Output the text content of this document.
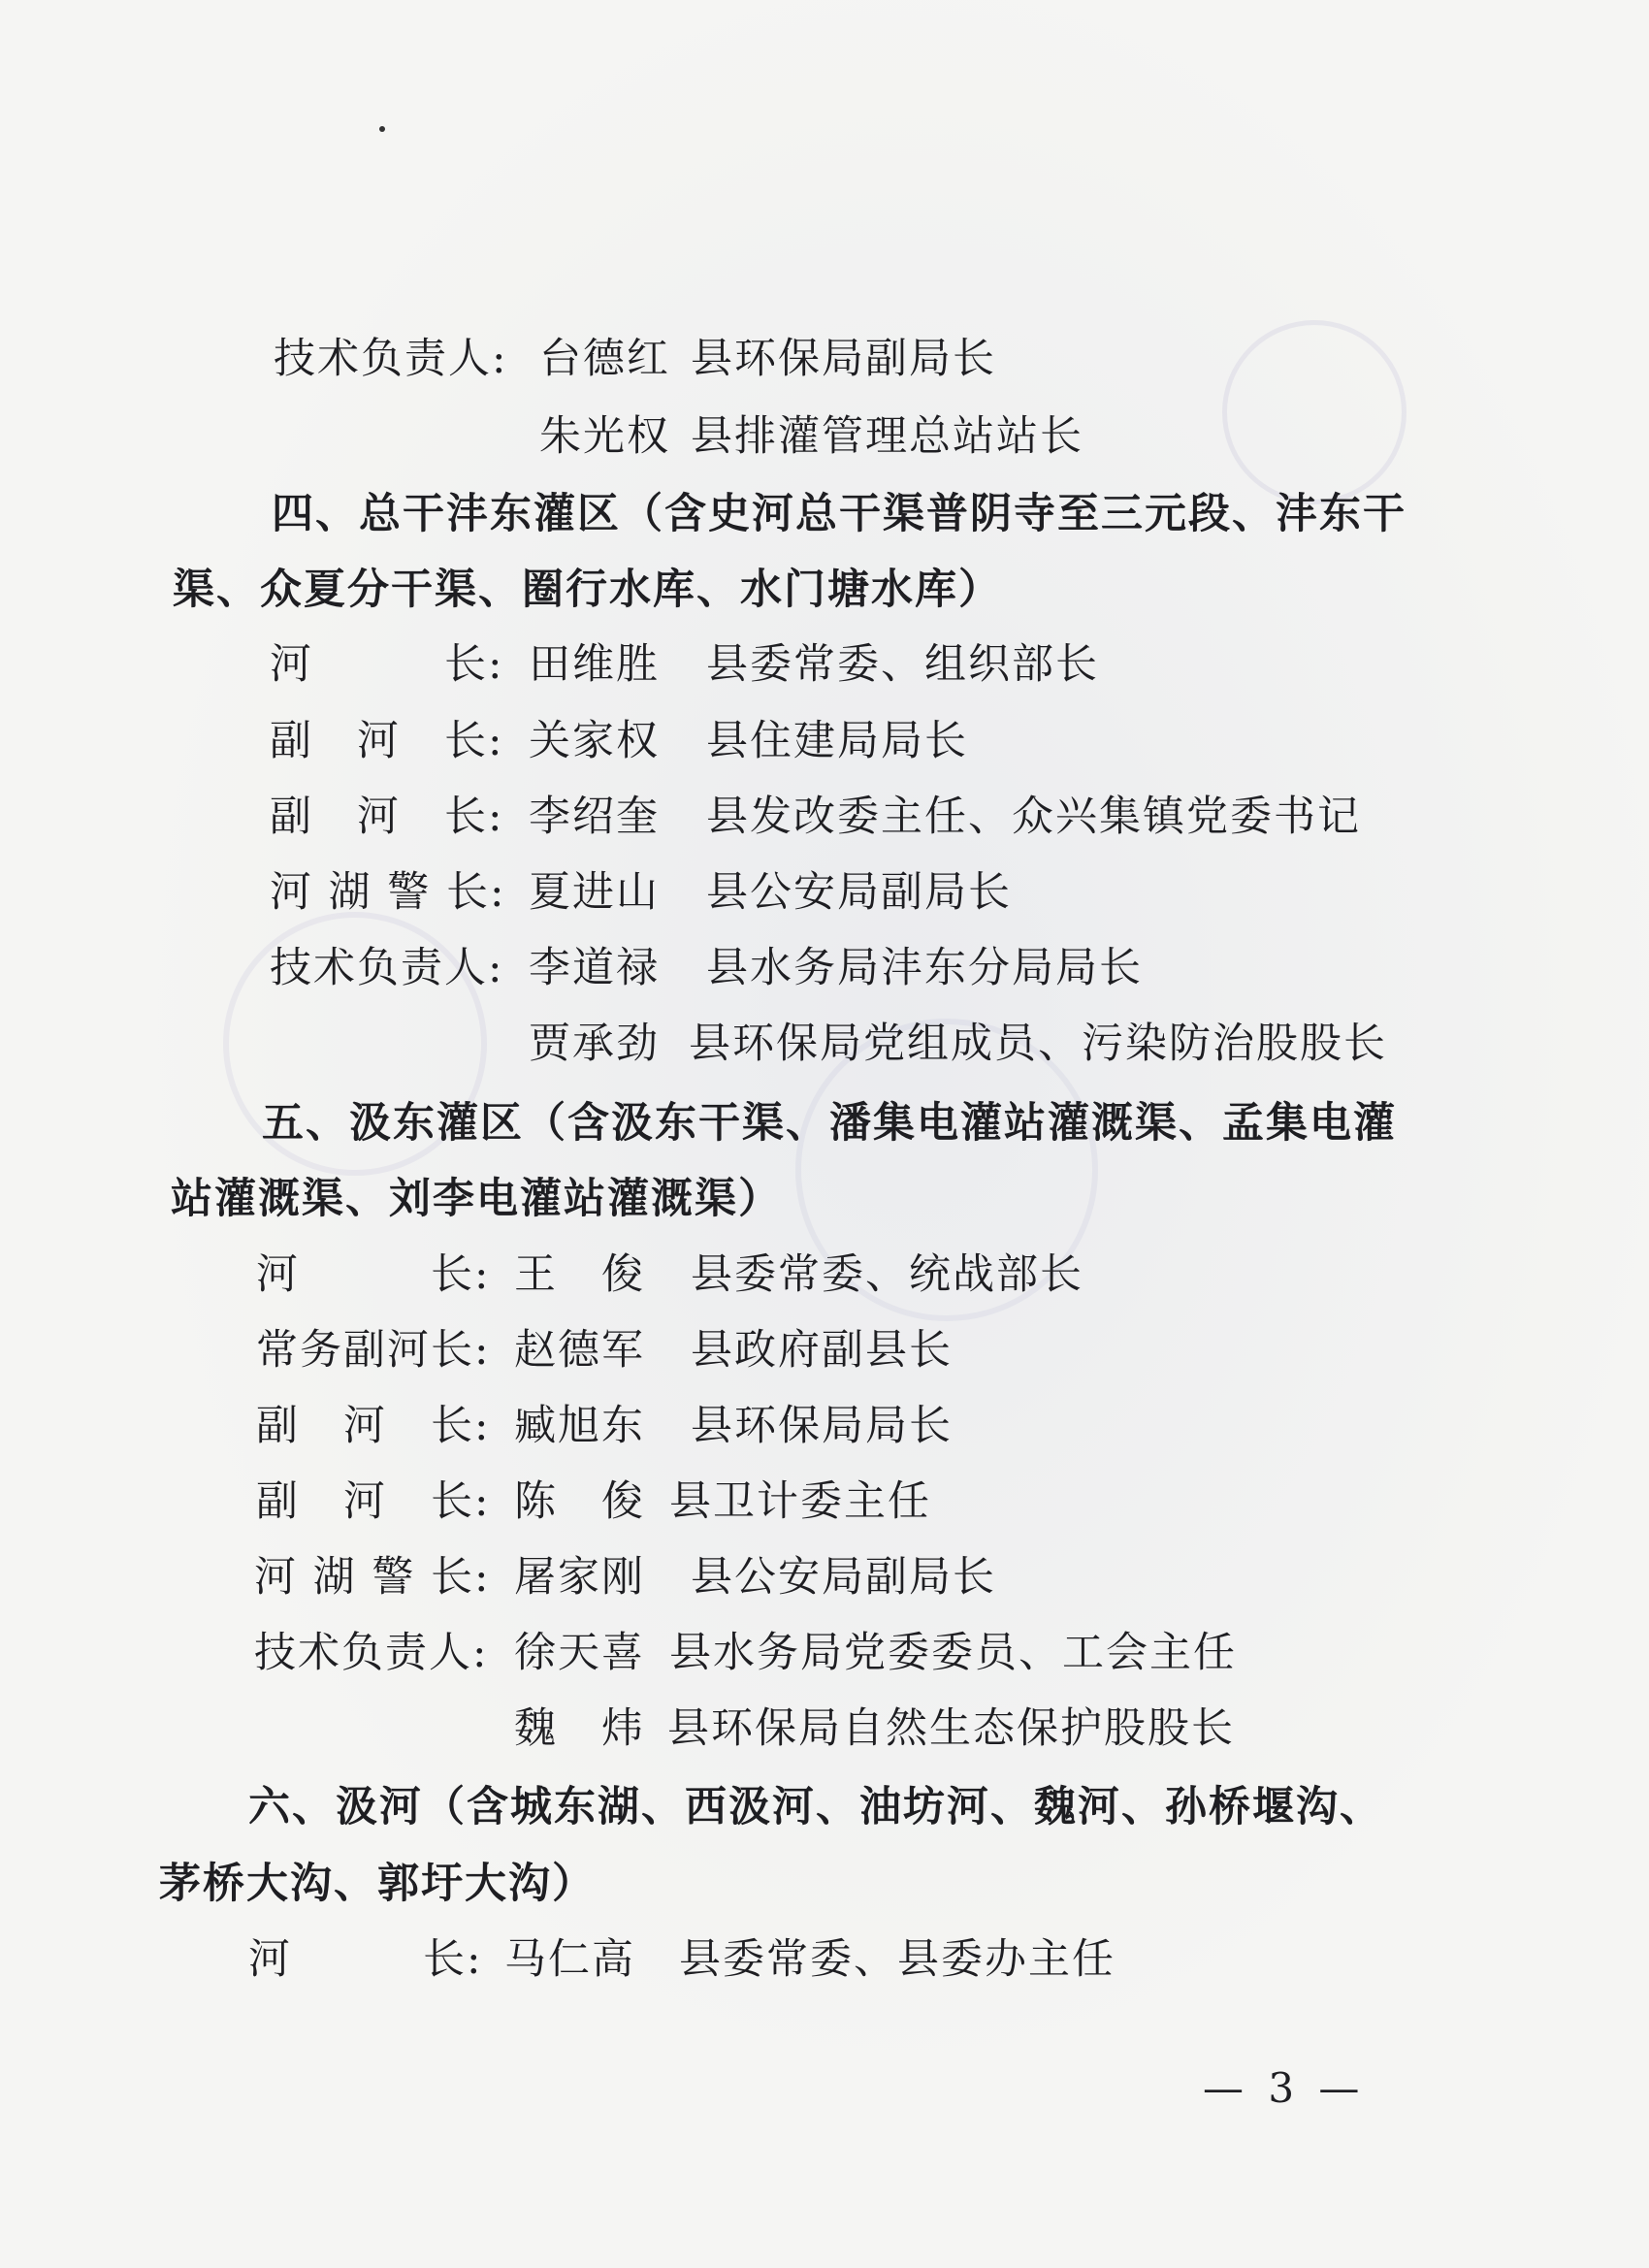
技术负责人: 台德红 县环保局副局长
朱光权 县排灌管理总站站长
四、总干沣东灌区（含史河总干渠普阴寺至三元段、沣东干
渠、众夏分干渠、圈行水库、水门塘水库）
河　　　长: 田维胜 县委常委、组织部长
副　河　长: 关家权 县住建局局长
副　河　长: 李绍奎 县发改委主任、众兴集镇党委书记
河 湖 警 长: 夏进山 县公安局副局长
技术负责人: 李道禄 县水务局沣东分局局长
贾承劲 县环保局党组成员、污染防治股股长
五、汲东灌区（含汲东干渠、潘集电灌站灌溉渠、孟集电灌
站灌溉渠、刘李电灌站灌溉渠）
河　　　长: 王　俊 县委常委、统战部长
常务副河长: 赵德军 县政府副县长
副　河　长: 臧旭东 县环保局局长
副　河　长: 陈　俊 县卫计委主任
河 湖 警 长: 屠家刚 县公安局副局长
技术负责人: 徐天喜 县水务局党委委员、工会主任
魏　炜 县环保局自然生态保护股股长
六、汲河（含城东湖、西汲河、油坊河、魏河、孙桥堰沟、
茅桥大沟、郭圩大沟）
河　　　长: 马仁高 县委常委、县委办主任
— 3 —
